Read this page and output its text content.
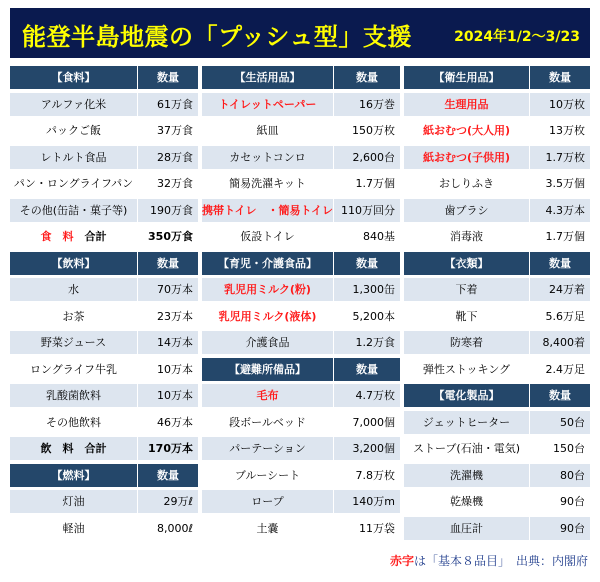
能登半島地震の「プッシュ型」支援	2024年1/2～3/23
【食料】	数量
アルファ化米	61万食
パックご飯	37万食
レトルト食品	28万食
パン・ロングライフパン	32万食
その他(缶詰・菓子等)	190万食
食　料　合計	350万食
【飲料】	数量
水	70万本
お茶	23万本
野菜ジュース	14万本
ロングライフ牛乳	10万本
乳酸菌飲料	10万本
その他飲料	46万本
飲　料　合計	170万本
【燃料】	数量
灯油	29万ℓ
軽油	8,000ℓ
【生活用品】	数量
トイレットペーパー	16万巻
紙皿	150万枚
カセットコンロ	2,600台
簡易洗濯キット	1.7万個
携帯トイレ　・簡易トイレ 110万回分
仮設トイレ	840基
【育児・介護食品】	数量
乳児用ミルク(粉)	1,300缶
乳児用ミルク(液体)	5,200本
介護食品	1.2万食
【避難所備品】	数量
毛布	4.7万枚
段ボールベッド	7,000個
パーテーション	3,200個
ブルーシート	7.8万枚
ロープ	140万m
土嚢	11万袋
【衛生用品】	数量
生理用品	10万枚
紙おむつ(大人用)	13万枚
紙おむつ(子供用)	1.7万枚
おしりふき	3.5万個
歯ブラシ	4.3万本
消毒液	1.7万個
【衣類】	数量
下着	24万着
靴下	5.6万足
防寒着	8,400着
弾性ストッキング	2.4万足
【電化製品】	数量
ジェットヒーター	50台
ストーブ(石油・電気)	150台
洗濯機	80台
乾燥機	90台
血圧計	90台
赤字は「基本８品目」　 出典：内閣府
